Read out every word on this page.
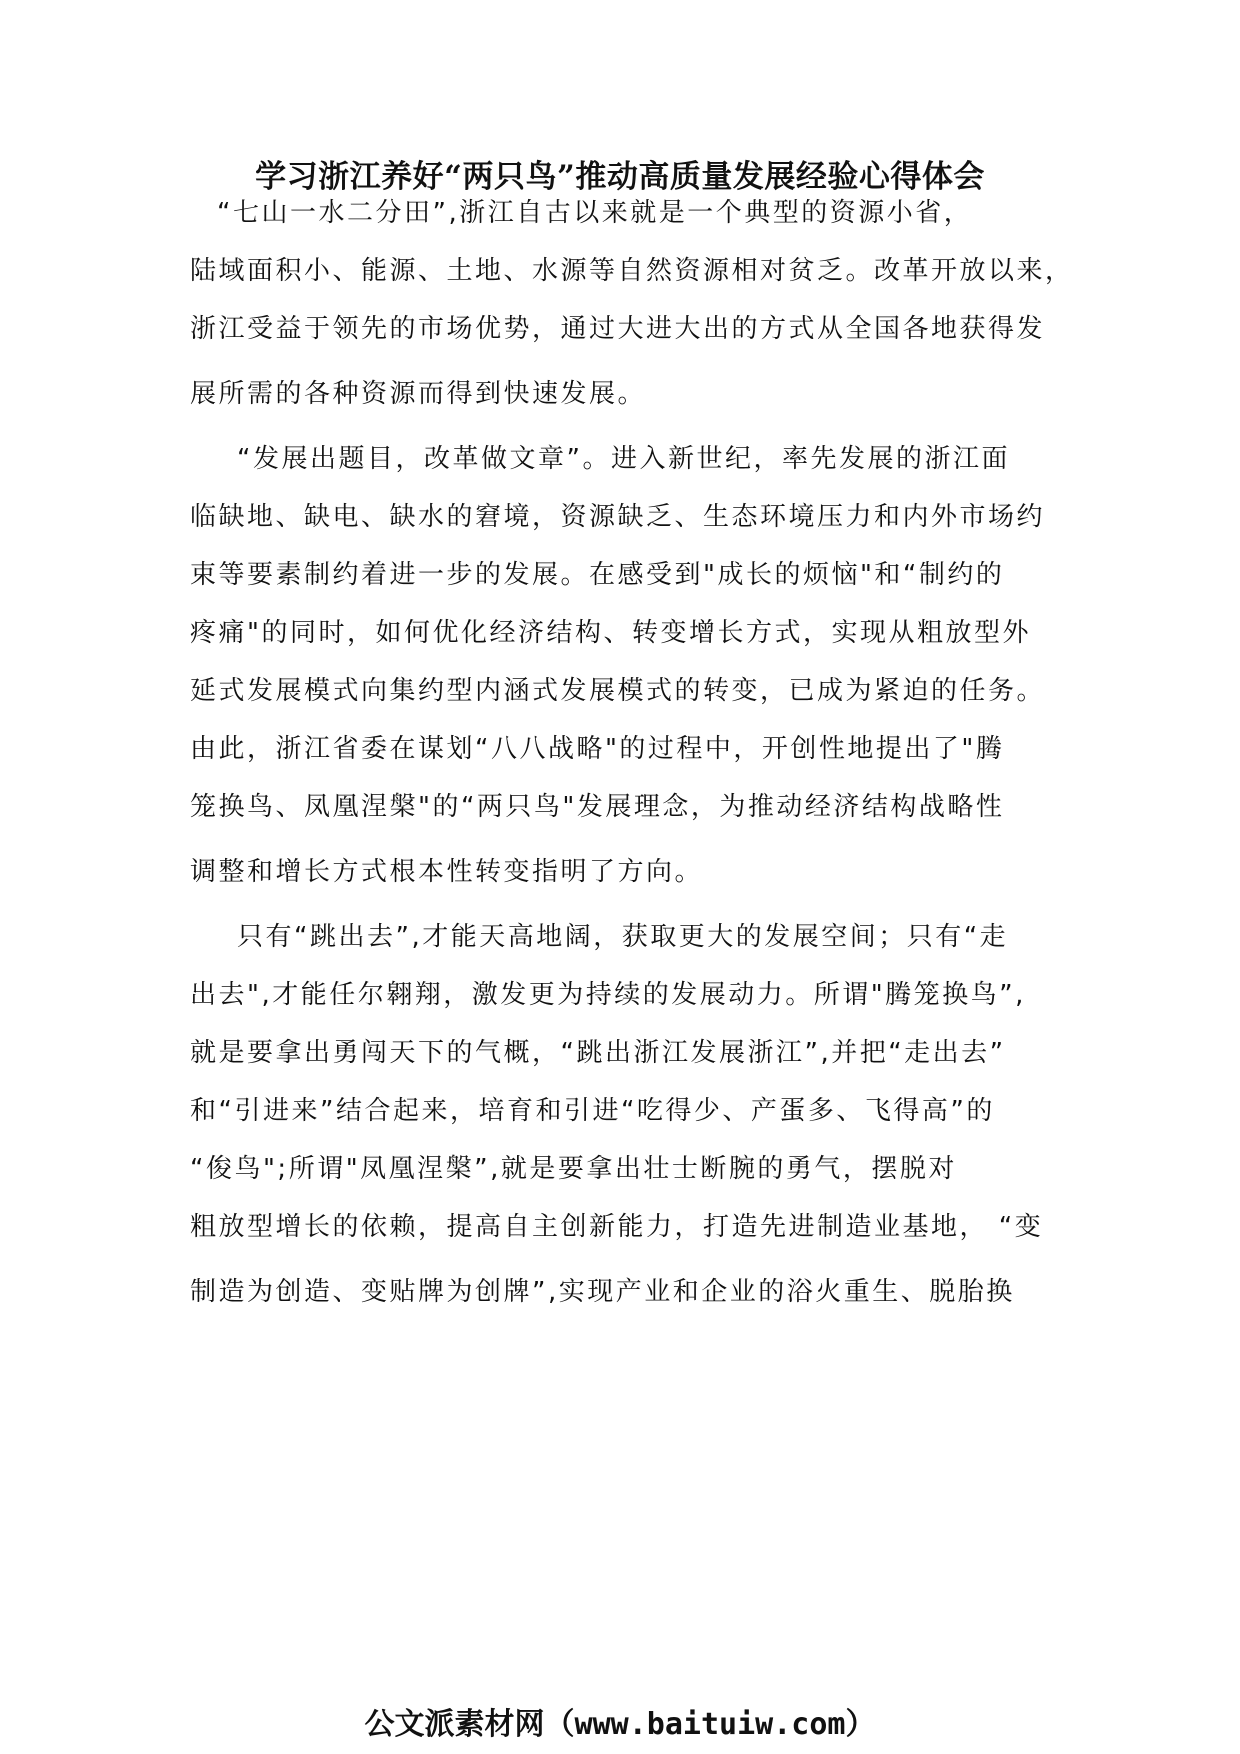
学习浙江养好“两只鸟”推动高质量发展经验心得体会
“七山一水二分田”,浙江自古以来就是一个典型的资源小省，
陆域面积小、能源、土地、水源等自然资源相对贫乏。改革开放以来，
浙江受益于领先的市场优势，通过大进大出的方式从全国各地获得发
展所需的各种资源而得到快速发展。
“发展出题目，改革做文章”。进入新世纪，率先发展的浙江面
临缺地、缺电、缺水的窘境，资源缺乏、生态环境压力和内外市场约
束等要素制约着进一步的发展。在感受到"成长的烦恼"和“制约的
疼痛"的同时，如何优化经济结构、转变增长方式，实现从粗放型外
延式发展模式向集约型内涵式发展模式的转变，已成为紧迫的任务。
由此，浙江省委在谋划“八八战略"的过程中，开创性地提出了"腾
笼换鸟、凤凰涅槃"的“两只鸟"发展理念，为推动经济结构战略性
调整和增长方式根本性转变指明了方向。
只有“跳出去”,才能天高地阔，获取更大的发展空间；只有“走
出去",才能任尔翱翔，激发更为持续的发展动力。所谓"腾笼换鸟”,
就是要拿出勇闯天下的气概，“跳出浙江发展浙江”,并把“走出去”
和“引进来”结合起来，培育和引进“吃得少、产蛋多、飞得高”的
“俊鸟";所谓"凤凰涅槃”,就是要拿出壮士断腕的勇气，摆脱对
粗放型增长的依赖，提高自主创新能力，打造先进制造业基地， “变
制造为创造、变贴牌为创牌”,实现产业和企业的浴火重生、脱胎换
公文派素材网（www.baituiw.com）
